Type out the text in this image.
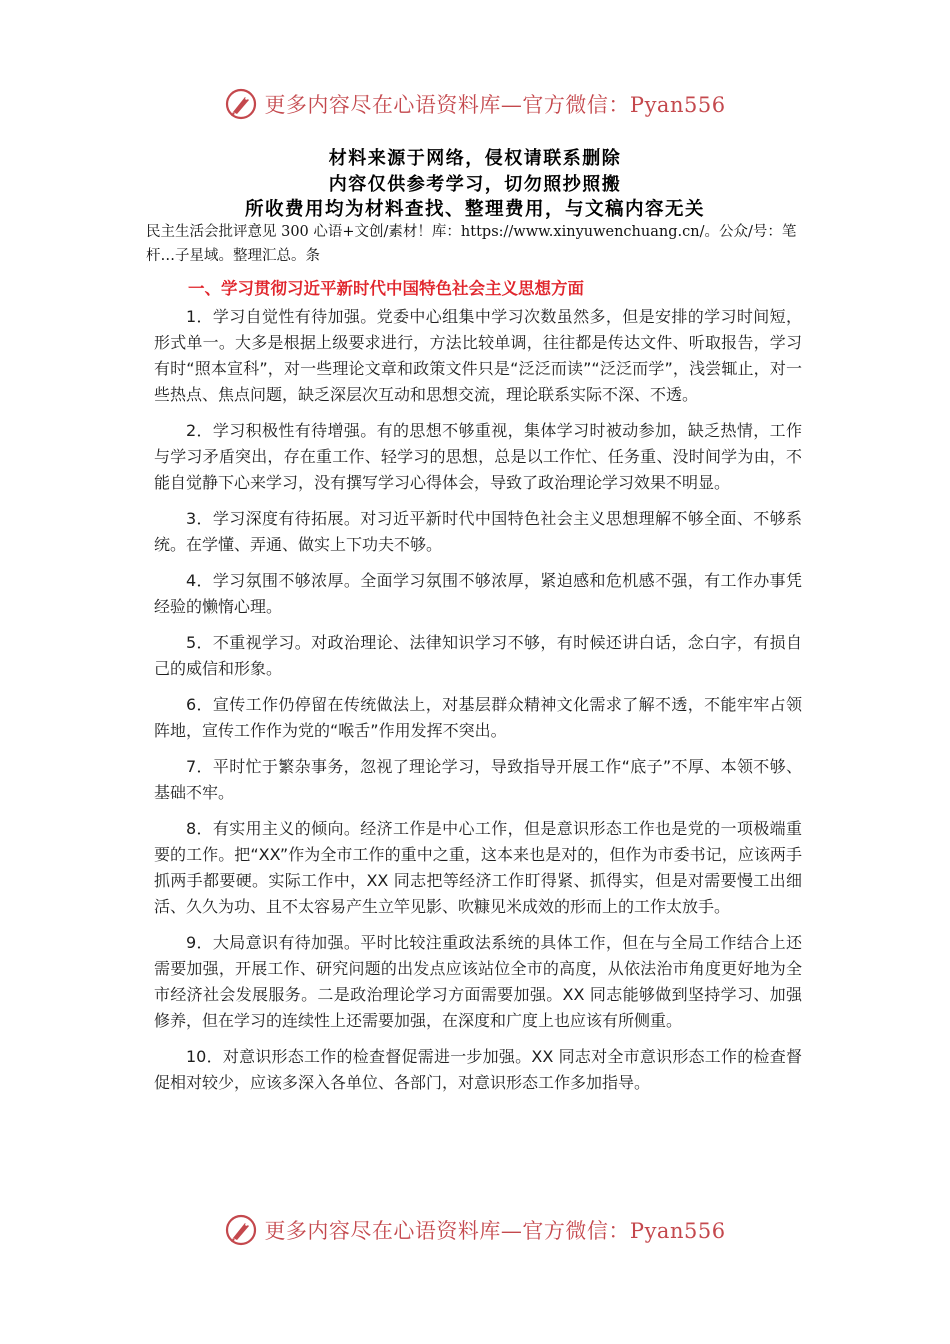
更多内容尽在心语资料库—官方微信：Pyan556
材料来源于网络，侵权请联系删除
内容仅供参考学习，切勿照抄照搬
所收费用均为材料查找、整理费用，与文稿内容无关
民主生活会批评意见 300 心语+文创/素材！库：https://www.xinyuwenchuang.cn/。公众/号：笔杆…子星域。整理汇总。条
一、学习贯彻习近平新时代中国特色社会主义思想方面

1．学习自觉性有待加强。党委中心组集中学习次数虽然多，但是安排的学习时间短，形式单一。大多是根据上级要求进行，方法比较单调，往往都是传达文件、听取报告，学习有时“照本宣科”，对一些理论文章和政策文件只是“泛泛而读”“泛泛而学”，浅尝辄止，对一些热点、焦点问题，缺乏深层次互动和思想交流，理论联系实际不深、不透。

2．学习积极性有待增强。有的思想不够重视，集体学习时被动参加，缺乏热情，工作与学习矛盾突出，存在重工作、轻学习的思想，总是以工作忙、任务重、没时间学为由，不能自觉静下心来学习，没有撰写学习心得体会，导致了政治理论学习效果不明显。

3．学习深度有待拓展。对习近平新时代中国特色社会主义思想理解不够全面、不够系统。在学懂、弄通、做实上下功夫不够。

4．学习氛围不够浓厚。全面学习氛围不够浓厚，紧迫感和危机感不强，有工作办事凭经验的懒惰心理。

5．不重视学习。对政治理论、法律知识学习不够，有时候还讲白话，念白字，有损自己的威信和形象。

6．宣传工作仍停留在传统做法上，对基层群众精神文化需求了解不透，不能牢牢占领阵地，宣传工作作为党的“喉舌”作用发挥不突出。

7．平时忙于繁杂事务，忽视了理论学习，导致指导开展工作“底子”不厚、本领不够、基础不牢。

8．有实用主义的倾向。经济工作是中心工作，但是意识形态工作也是党的一项极端重要的工作。把“XX”作为全市工作的重中之重，这本来也是对的，但作为市委书记，应该两手抓两手都要硬。实际工作中，XX 同志把等经济工作盯得紧、抓得实，但是对需要慢工出细活、久久为功、且不太容易产生立竿见影、吹糠见米成效的形而上的工作太放手。

9．大局意识有待加强。平时比较注重政法系统的具体工作，但在与全局工作结合上还需要加强，开展工作、研究问题的出发点应该站位全市的高度，从依法治市角度更好地为全市经济社会发展服务。二是政治理论学习方面需要加强。XX 同志能够做到坚持学习、加强修养，但在学习的连续性上还需要加强，在深度和广度上也应该有所侧重。

10．对意识形态工作的检查督促需进一步加强。XX 同志对全市意识形态工作的检查督促相对较少，应该多深入各单位、各部门，对意识形态工作多加指导。

更多内容尽在心语资料库—官方微信：Pyan556
